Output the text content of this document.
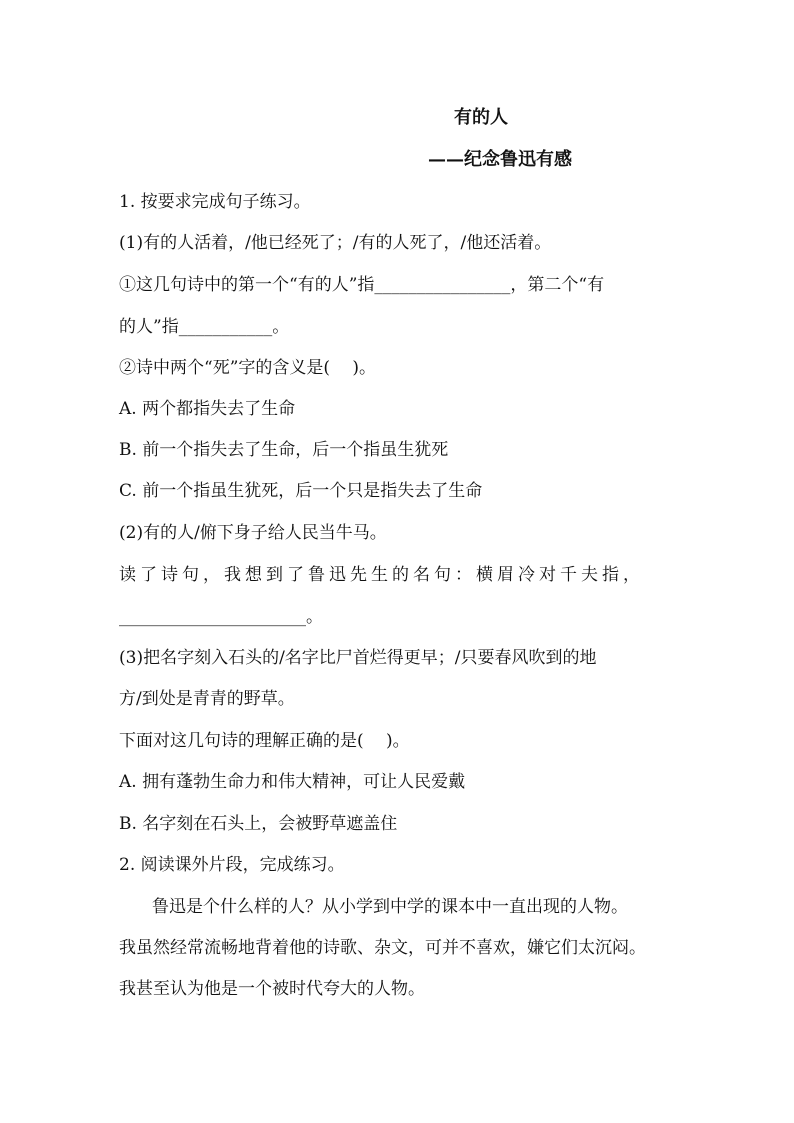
有的人
——纪念鲁迅有感
1. 按要求完成句子练习。
(1)有的人活着，/他已经死了；/有的人死了，/他还活着。
①这几句诗中的第一个“有的人”指________________，第二个“有
的人”指___________。
②诗中两个“死”字的含义是(　 )。
A. 两个都指失去了生命
B. 前一个指失去了生命，后一个指虽生犹死
C. 前一个指虽生犹死，后一个只是指失去了生命
(2)有的人/俯下身子给人民当牛马。
读了诗句，我想到了鲁迅先生的名句：横眉冷对千夫指，
______________________。
(3)把名字刻入石头的/名字比尸首烂得更早；/只要春风吹到的地
方/到处是青青的野草。
下面对这几句诗的理解正确的是(　 )。
A. 拥有蓬勃生命力和伟大精神，可让人民爱戴
B. 名字刻在石头上，会被野草遮盖住
2. 阅读课外片段，完成练习。
鲁迅是个什么样的人？从小学到中学的课本中一直出现的人物。
我虽然经常流畅地背着他的诗歌、杂文，可并不喜欢，嫌它们太沉闷。
我甚至认为他是一个被时代夸大的人物。
